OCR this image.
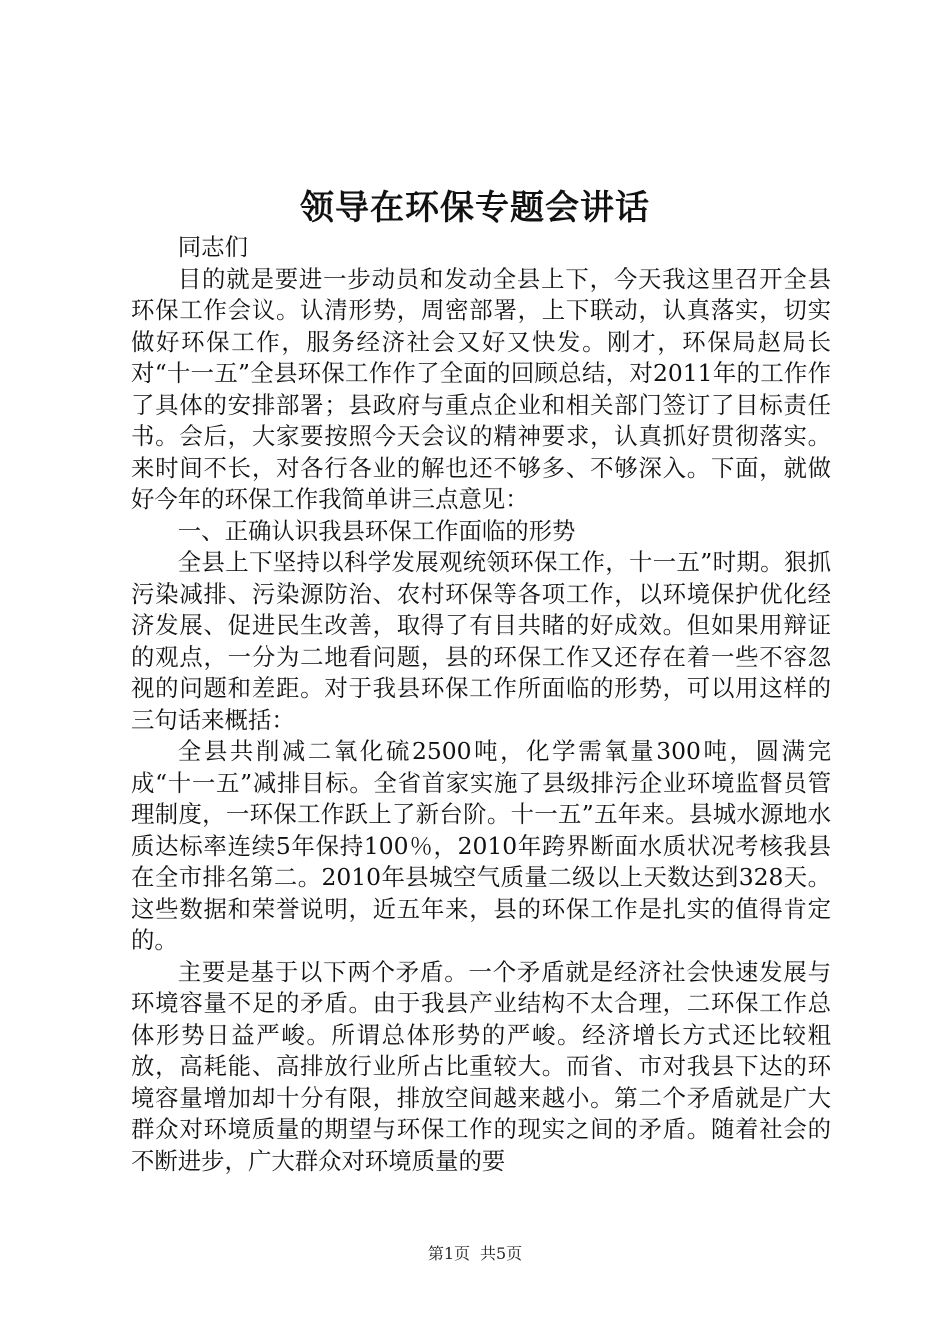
领导在环保专题会讲话

同志们

目的就是要进一步动员和发动全县上下，今天我这里召开全县环保工作会议。认清形势，周密部署，上下联动，认真落实，切实做好环保工作，服务经济社会又好又快发。刚才，环保局赵局长对“十一五”全县环保工作作了全面的回顾总结，对2011年的工作作了具体的安排部署；县政府与重点企业和相关部门签订了目标责任书。会后，大家要按照今天会议的精神要求，认真抓好贯彻落实。来时间不长，对各行各业的解也还不够多、不够深入。下面，就做好今年的环保工作我简单讲三点意见：

一、正确认识我县环保工作面临的形势

全县上下坚持以科学发展观统领环保工作，十一五”时期。狠抓污染减排、污染源防治、农村环保等各项工作，以环境保护优化经济发展、促进民生改善，取得了有目共睹的好成效。但如果用辩证的观点，一分为二地看问题，县的环保工作又还存在着一些不容忽视的问题和差距。对于我县环保工作所面临的形势，可以用这样的三句话来概括：

全县共削减二氧化硫2500吨，化学需氧量300吨，圆满完成“十一五”减排目标。全省首家实施了县级排污企业环境监督员管理制度，一环保工作跃上了新台阶。十一五”五年来。县城水源地水质达标率连续5年保持100％，2010年跨界断面水质状况考核我县在全市排名第二。2010年县城空气质量二级以上天数达到328天。这些数据和荣誉说明，近五年来，县的环保工作是扎实的值得肯定的。

主要是基于以下两个矛盾。一个矛盾就是经济社会快速发展与环境容量不足的矛盾。由于我县产业结构不太合理，二环保工作总体形势日益严峻。所谓总体形势的严峻。经济增长方式还比较粗放，高耗能、高排放行业所占比重较大。而省、市对我县下达的环境容量增加却十分有限，排放空间越来越小。第二个矛盾就是广大群众对环境质量的期望与环保工作的现实之间的矛盾。随着社会的不断进步，广大群众对环境质量的要

第1页 共5页
